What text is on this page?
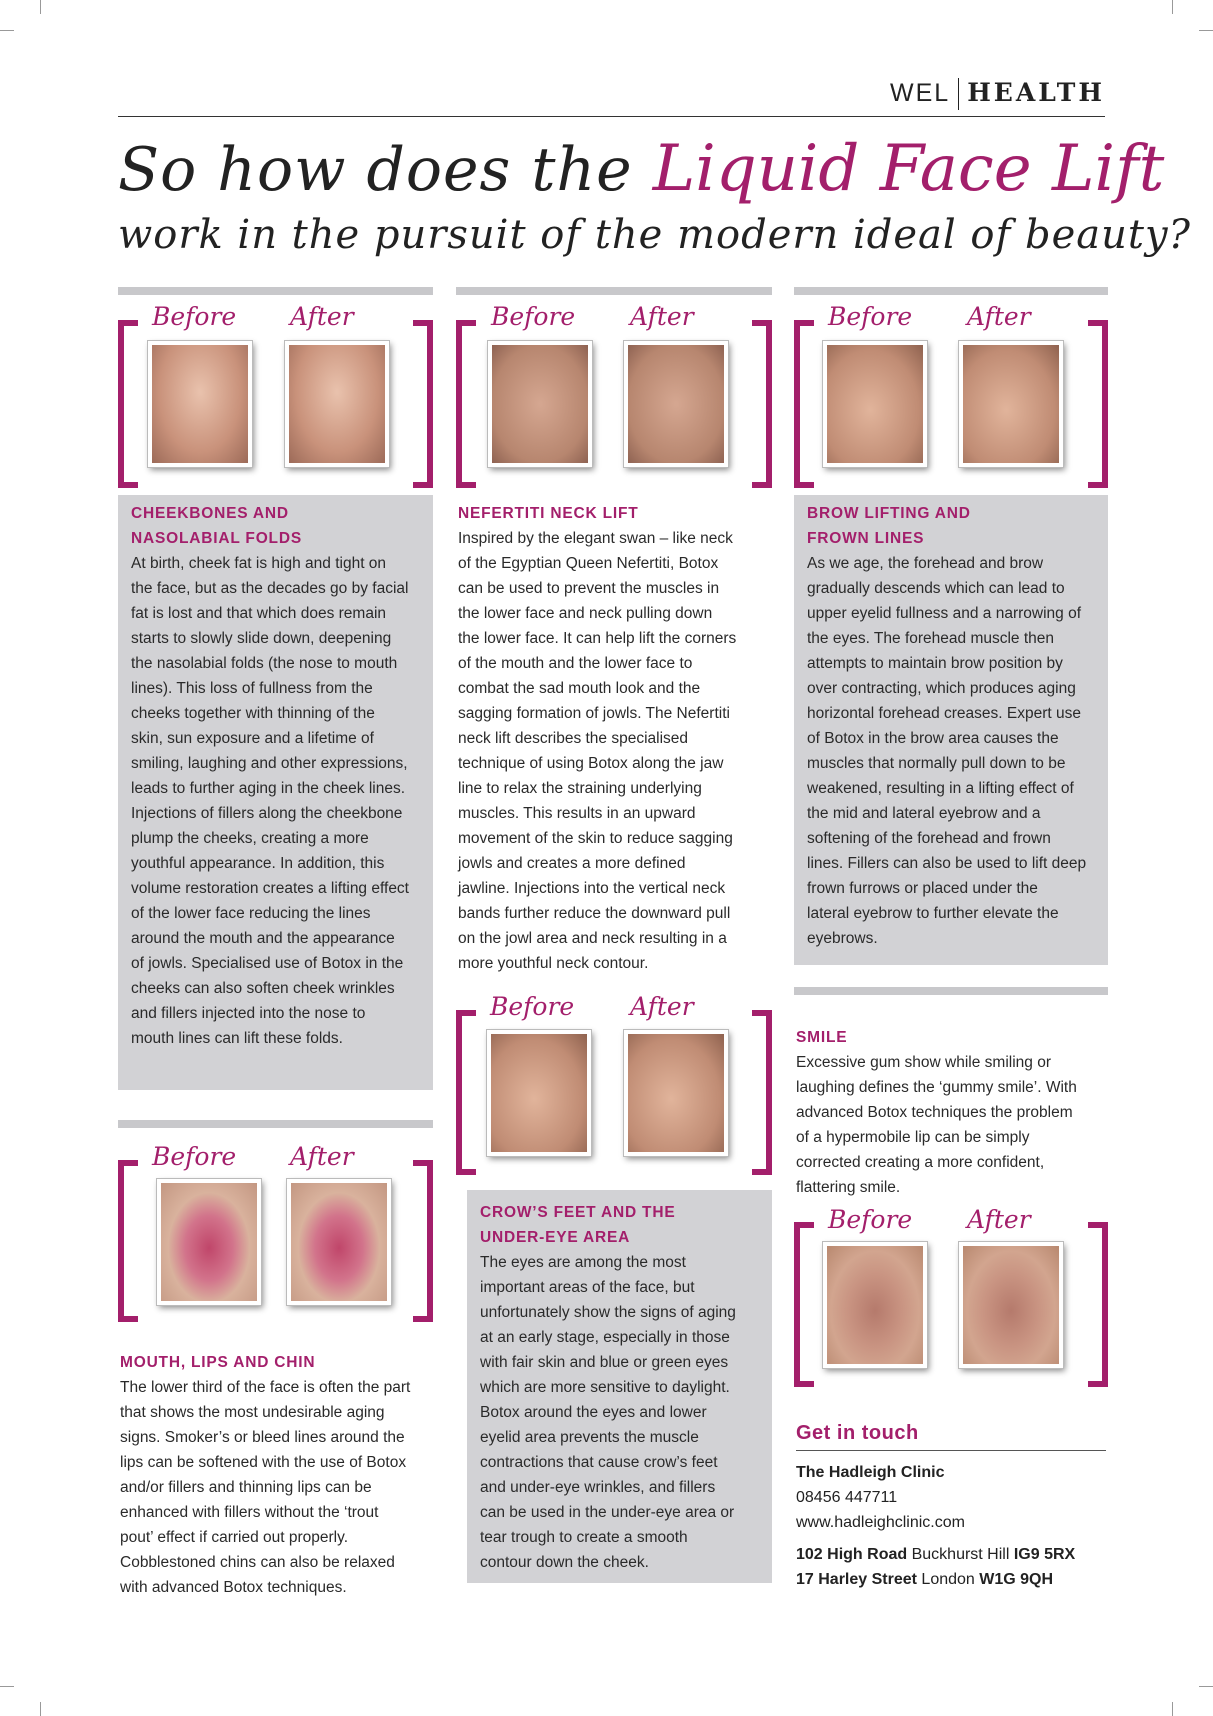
WEL HEALTH
So how does the Liquid Face Lift
work in the pursuit of the modern ideal of beauty?
Before After
CHEEKBONES AND
NASOLABIAL FOLDS
At birth, cheek fat is high and tight on
the face, but as the decades go by facial
fat is lost and that which does remain
starts to slowly slide down, deepening
the nasolabial folds (the nose to mouth
lines). This loss of fullness from the
cheeks together with thinning of the
skin, sun exposure and a lifetime of
smiling, laughing and other expressions,
leads to further aging in the cheek lines.
Injections of fillers along the cheekbone
plump the cheeks, creating a more
youthful appearance. In addition, this
volume restoration creates a lifting effect
of the lower face reducing the lines
around the mouth and the appearance
of jowls. Specialised use of Botox in the
cheeks can also soften cheek wrinkles
and fillers injected into the nose to
mouth lines can lift these folds.
Before After
MOUTH, LIPS AND CHIN
The lower third of the face is often the part
that shows the most undesirable aging
signs. Smoker’s or bleed lines around the
lips can be softened with the use of Botox
and/or fillers and thinning lips can be
enhanced with fillers without the ‘trout
pout’ effect if carried out properly.
Cobblestoned chins can also be relaxed
with advanced Botox techniques.
Before After
NEFERTITI NECK LIFT
Inspired by the elegant swan – like neck
of the Egyptian Queen Nefertiti, Botox
can be used to prevent the muscles in
the lower face and neck pulling down
the lower face. It can help lift the corners
of the mouth and the lower face to
combat the sad mouth look and the
sagging formation of jowls. The Nefertiti
neck lift describes the specialised
technique of using Botox along the jaw
line to relax the straining underlying
muscles. This results in an upward
movement of the skin to reduce sagging
jowls and creates a more defined
jawline. Injections into the vertical neck
bands further reduce the downward pull
on the jowl area and neck resulting in a
more youthful neck contour.
Before After
CROW’S FEET AND THE
UNDER-EYE AREA
The eyes are among the most
important areas of the face, but
unfortunately show the signs of aging
at an early stage, especially in those
with fair skin and blue or green eyes
which are more sensitive to daylight.
Botox around the eyes and lower
eyelid area prevents the muscle
contractions that cause crow’s feet
and under-eye wrinkles, and fillers
can be used in the under-eye area or
tear trough to create a smooth
contour down the cheek.
Before After
BROW LIFTING AND
FROWN LINES
As we age, the forehead and brow
gradually descends which can lead to
upper eyelid fullness and a narrowing of
the eyes. The forehead muscle then
attempts to maintain brow position by
over contracting, which produces aging
horizontal forehead creases. Expert use
of Botox in the brow area causes the
muscles that normally pull down to be
weakened, resulting in a lifting effect of
the mid and lateral eyebrow and a
softening of the forehead and frown
lines. Fillers can also be used to lift deep
frown furrows or placed under the
lateral eyebrow to further elevate the
eyebrows.
SMILE
Excessive gum show while smiling or
laughing defines the ‘gummy smile’. With
advanced Botox techniques the problem
of a hypermobile lip can be simply
corrected creating a more confident,
flattering smile.
Before After
Get in touch
The Hadleigh Clinic
08456 447711
www.hadleighclinic.com
102 High Road Buckhurst Hill IG9 5RX
17 Harley Street London W1G 9QH
